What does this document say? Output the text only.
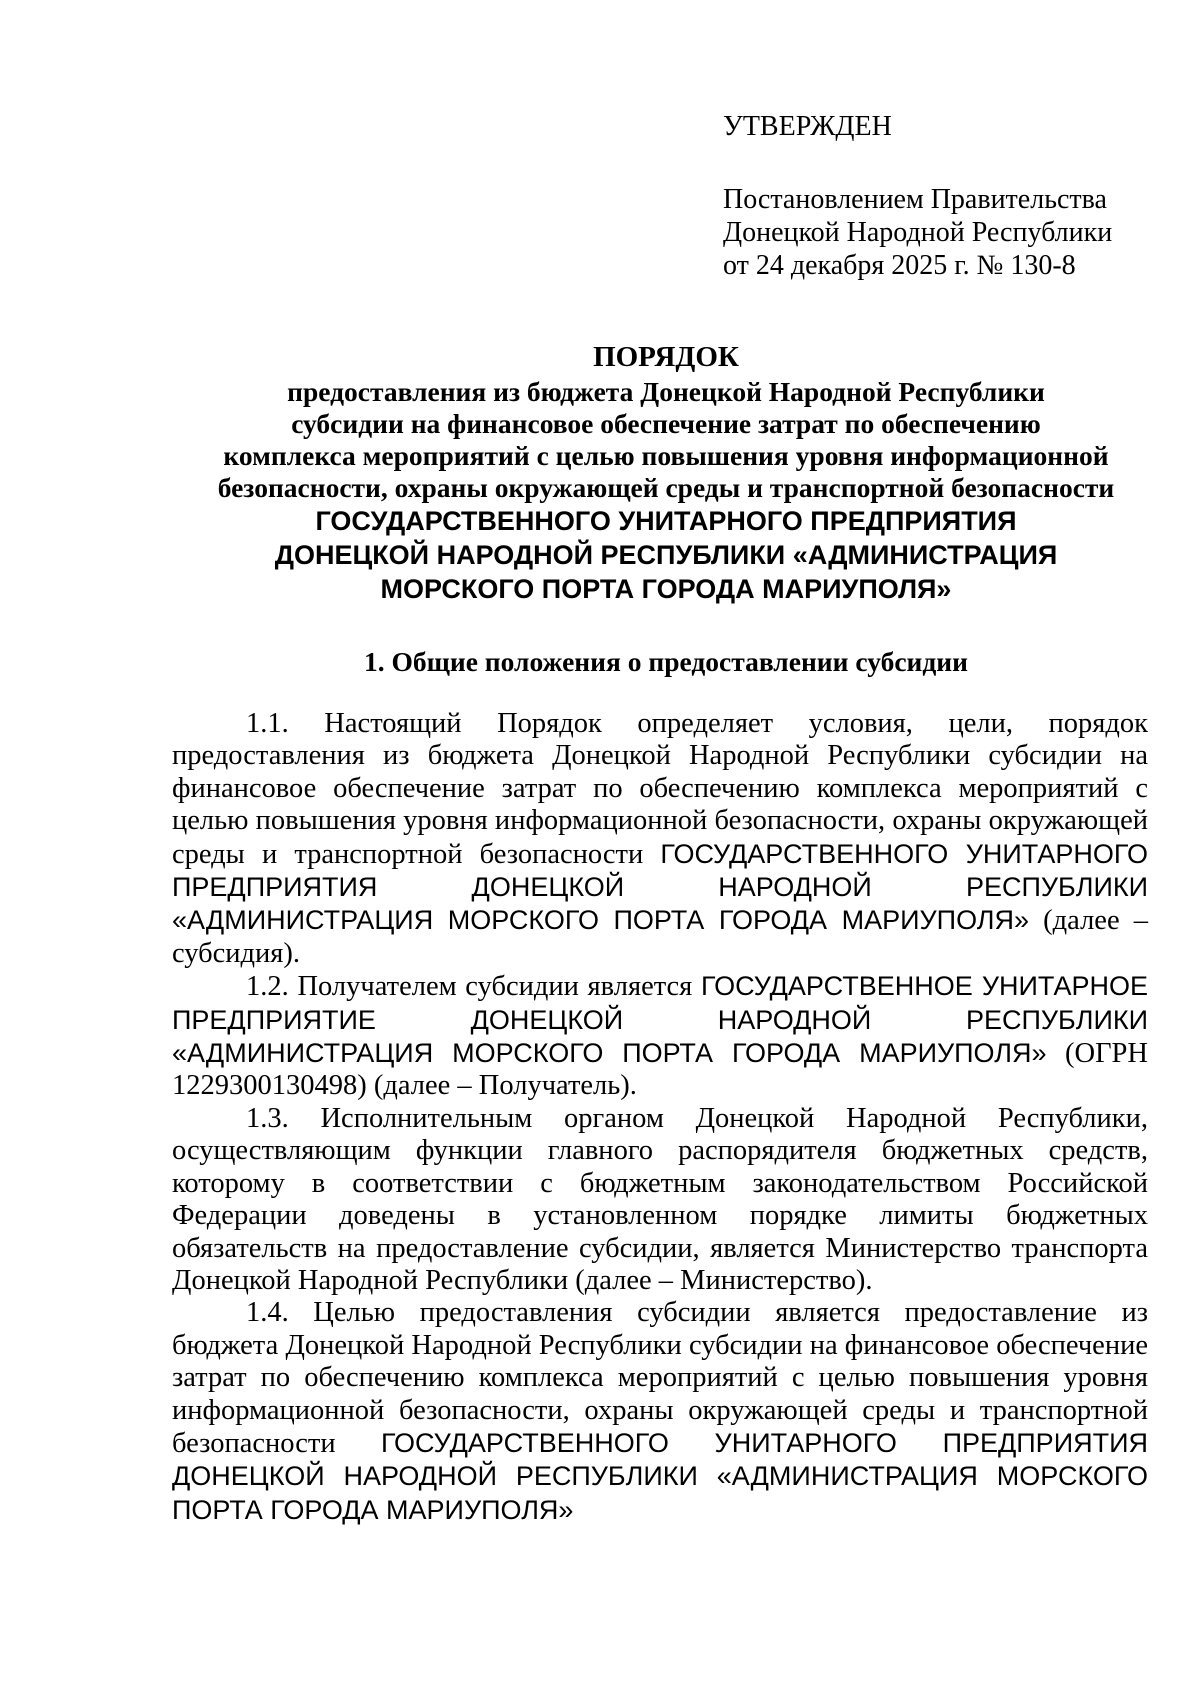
УТВЕРЖДЕН
Постановлением Правительства
Донецкой Народной Республики
от 24 декабря 2025 г. № 130-8
ПОРЯДОК
предоставления из бюджета Донецкой Народной Республики
субсидии на финансовое обеспечение затрат по обеспечению
комплекса мероприятий с целью повышения уровня информационной
безопасности, охраны окружающей среды и транспортной безопасности
ГОСУДАРСТВЕННОГО УНИТАРНОГО ПРЕДПРИЯТИЯ
ДОНЕЦКОЙ НАРОДНОЙ РЕСПУБЛИКИ «АДМИНИСТРАЦИЯ
МОРСКОГО ПОРТА ГОРОДА МАРИУПОЛЯ»
1. Общие положения о предоставлении субсидии

1.1. Настоящий Порядок определяет условия, цели, порядок предоставления из бюджета Донецкой Народной Республики субсидии на финансовое обеспечение затрат по обеспечению комплекса мероприятий с целью повышения уровня информационной безопасности, охраны окружающей среды и транспортной безопасности ГОСУДАРСТВЕННОГО УНИТАРНОГО ПРЕДПРИЯТИЯ ДОНЕЦКОЙ НАРОДНОЙ РЕСПУБЛИКИ «АДМИНИСТРАЦИЯ МОРСКОГО ПОРТА ГОРОДА МАРИУПОЛЯ» (далее – субсидия).

1.2. Получателем субсидии является ГОСУДАРСТВЕННОЕ УНИТАРНОЕ ПРЕДПРИЯТИЕ ДОНЕЦКОЙ НАРОДНОЙ РЕСПУБЛИКИ «АДМИНИСТРАЦИЯ МОРСКОГО ПОРТА ГОРОДА МАРИУПОЛЯ» (ОГРН 1229300130498) (далее – Получатель).

1.3. Исполнительным органом Донецкой Народной Республики, осуществляющим функции главного распорядителя бюджетных средств, которому в соответствии с бюджетным законодательством Российской Федерации доведены в установленном порядке лимиты бюджетных обязательств на предоставление субсидии, является Министерство транспорта Донецкой Народной Республики (далее – Министерство).

1.4. Целью предоставления субсидии является предоставление из бюджета Донецкой Народной Республики субсидии на финансовое обеспечение затрат по обеспечению комплекса мероприятий с целью повышения уровня информационной безопасности, охраны окружающей среды и транспортной безопасности ГОСУДАРСТВЕННОГО УНИТАРНОГО ПРЕДПРИЯТИЯ ДОНЕЦКОЙ НАРОДНОЙ РЕСПУБЛИКИ «АДМИНИСТРАЦИЯ МОРСКОГО ПОРТА ГОРОДА МАРИУПОЛЯ»
